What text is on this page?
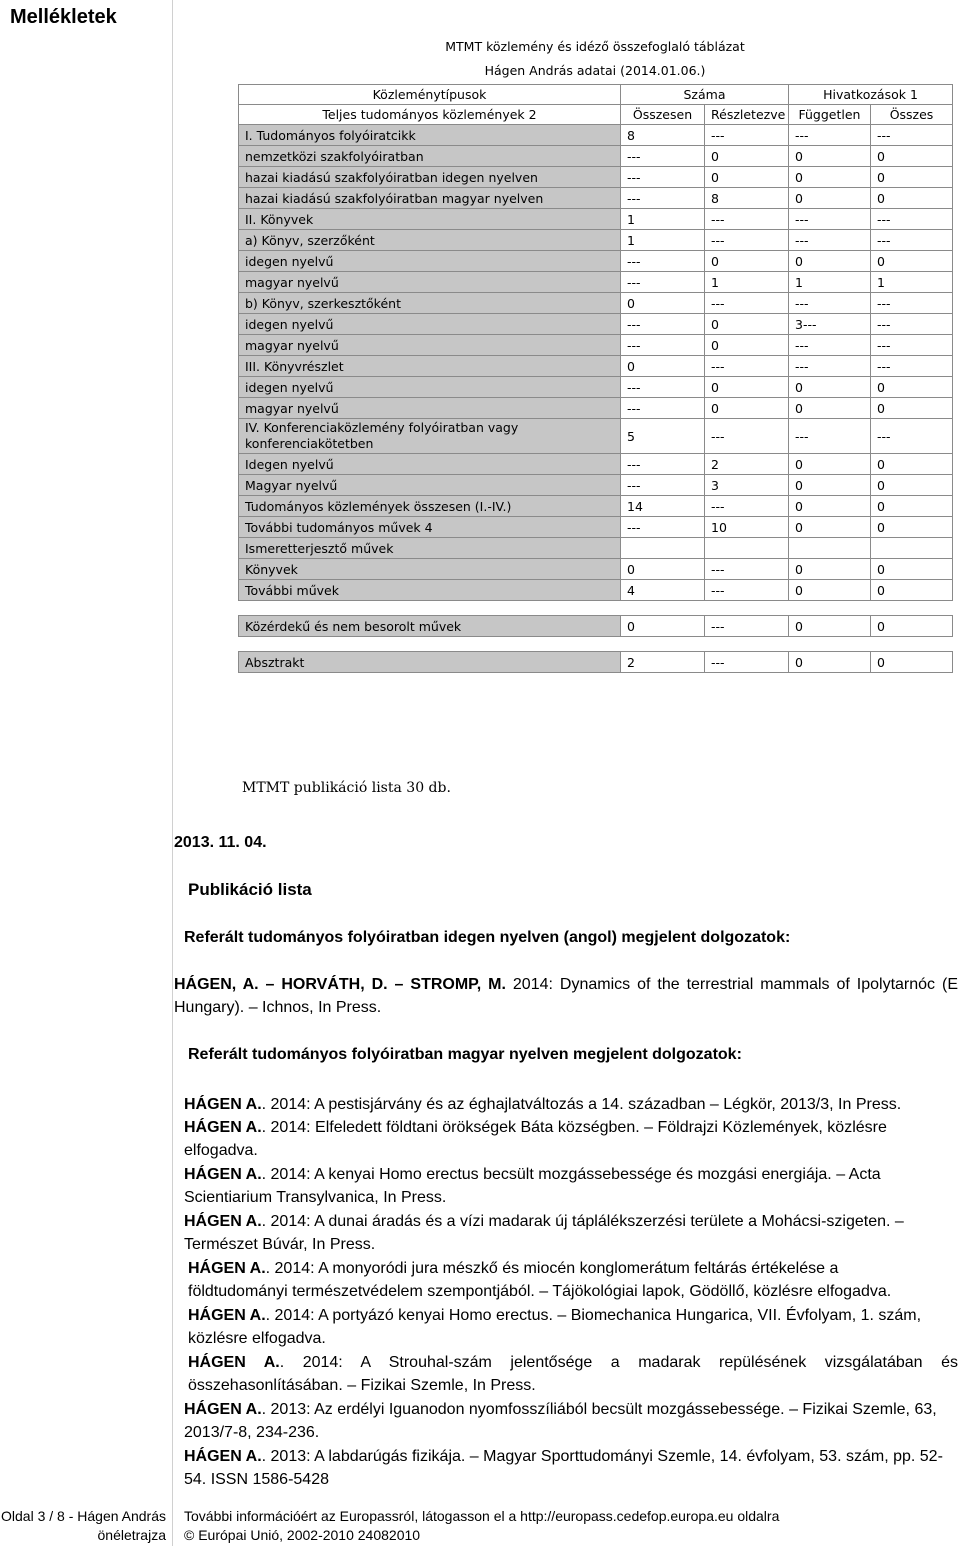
Mellékletek
MTMT közlemény és idéző összefoglaló táblázat
Hágen András adatai (2014.01.06.)
Közleménytípusok	Száma		Hivatkozások 1	
Teljes tudományos közlemények 2	Összesen	Részletezve	Független	Összes
I. Tudományos folyóiratcikk	8	---	---	---
nemzetközi szakfolyóiratban	---	0	0	0
hazai kiadású szakfolyóiratban idegen nyelven	---	0	0	0
hazai kiadású szakfolyóiratban magyar nyelven	---	8	0	0
II. Könyvek	1	---	---	---
a) Könyv, szerzőként	1	---	---	---
idegen nyelvű	---	0	0	0
magyar nyelvű	---	1	1	1
b) Könyv, szerkesztőként	0	---	---	---
idegen nyelvű	---	0	3---	---
magyar nyelvű	---	0	---	---
III. Könyvrészlet	0	---	---	---
idegen nyelvű	---	0	0	0
magyar nyelvű	---	0	0	0
IV. Konferenciaközlemény folyóiratban vagy konferenciakötetben	5	---	---	---
Idegen nyelvű	---	2	0	0
Magyar nyelvű	---	3	0	0
Tudományos közlemények összesen (I.-IV.)	14	---	0	0
További tudományos művek 4	---	10	0	0
Ismeretterjesztő művek				
Könyvek	0	---	0	0
További művek	4	---	0	0

Közérdekű és nem besorolt művek	0	---	0	0

Absztrakt	2	---	0	0
MTMT publikáció lista 30 db.
2013. 11. 04.
Publikáció lista
Referált tudományos folyóiratban idegen nyelven (angol) megjelent dolgozatok:
HÁGEN, A. – HORVÁTH, D. – STROMP, M. 2014: Dynamics of the terrestrial mammals of Ipolytarnóc (E Hungary). – Ichnos, In Press.
Referált tudományos folyóiratban magyar nyelven megjelent dolgozatok:
HÁGEN A.. 2014: A pestisjárvány és az éghajlatváltozás a 14. században – Légkör, 2013/3, In Press.
HÁGEN A.. 2014: Elfeledett földtani örökségek Báta községben. – Földrajzi Közlemények, közlésre elfogadva.
HÁGEN A.. 2014: A kenyai Homo erectus becsült mozgássebessége és mozgási energiája. – Acta Scientiarium Transylvanica, In Press.
HÁGEN A.. 2014: A dunai áradás és a vízi madarak új táplálékszerzési területe a Mohácsi-szigeten. – Természet Búvár, In Press.
HÁGEN A.. 2014: A monyoródi jura mészkő és miocén konglomerátum feltárás értékelése a földtudományi természetvédelem szempontjából. – Tájökológiai lapok, Gödöllő, közlésre elfogadva.
HÁGEN A.. 2014: A portyázó kenyai Homo erectus. – Biomechanica Hungarica, VII. Évfolyam, 1. szám, közlésre elfogadva.
HÁGEN A.. 2014: A Strouhal-szám jelentősége a madarak repülésének vizsgálatában és összehasonlításában. – Fizikai Szemle, In Press.
HÁGEN A.. 2013: Az erdélyi Iguanodon nyomfosszíliából becsült mozgássebessége. – Fizikai Szemle, 63, 2013/7-8, 234-236.
HÁGEN A.. 2013: A labdarúgás fizikája. – Magyar Sporttudományi Szemle, 14. évfolyam, 53. szám, pp. 52-54. ISSN 1586-5428
Oldal 3 / 8 - Hágen András
önéletrajza
További információért az Europassról, látogasson el a http://europass.cedefop.europa.eu oldalra
© Európai Unió, 2002-2010 24082010
